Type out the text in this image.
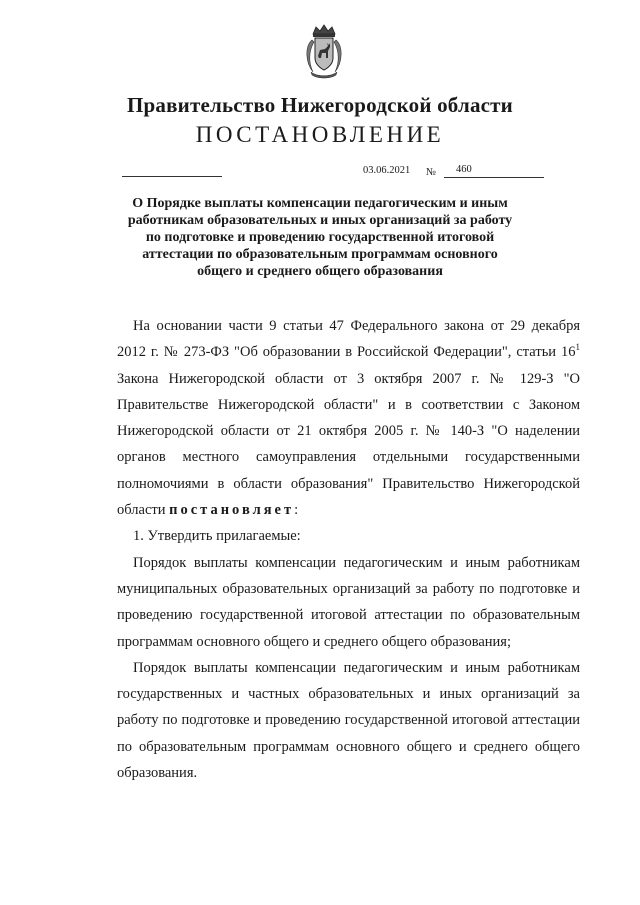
Правительство Нижегородской области
ПОСТАНОВЛЕНИЕ
03.06.2021 №	460
О Порядке выплаты компенсации педагогическим и иным
работникам образовательных и иных организаций за работу
по подготовке и проведению государственной итоговой
аттестации по образовательным программам основного
общего и среднего общего образования

На основании части 9 статьи 47 Федерального закона от 29 декабря 2012 г. № 273-ФЗ "Об образовании в Российской Федерации", статьи $16^1$ Закона Нижегородской области от 3 октября 2007 г. № 129-З "О Правительстве Нижегородской области" и в соответствии с Законом Нижегородской области от 21 октября 2005 г. № 140-З "О наделении органов местного самоуправления отдельными государственными полномочиями в области образования" Правительство Нижегородской области постановляет:

1. Утвердить прилагаемые:

Порядок выплаты компенсации педагогическим и иным работникам муниципальных образовательных организаций за работу по подготовке и проведению государственной итоговой аттестации по образовательным программам основного общего и среднего общего образования;

Порядок выплаты компенсации педагогическим и иным работникам государственных и частных образовательных и иных организаций за работу по подготовке и проведению государственной итоговой аттестации по образовательным программам основного общего и среднего общего образования.
